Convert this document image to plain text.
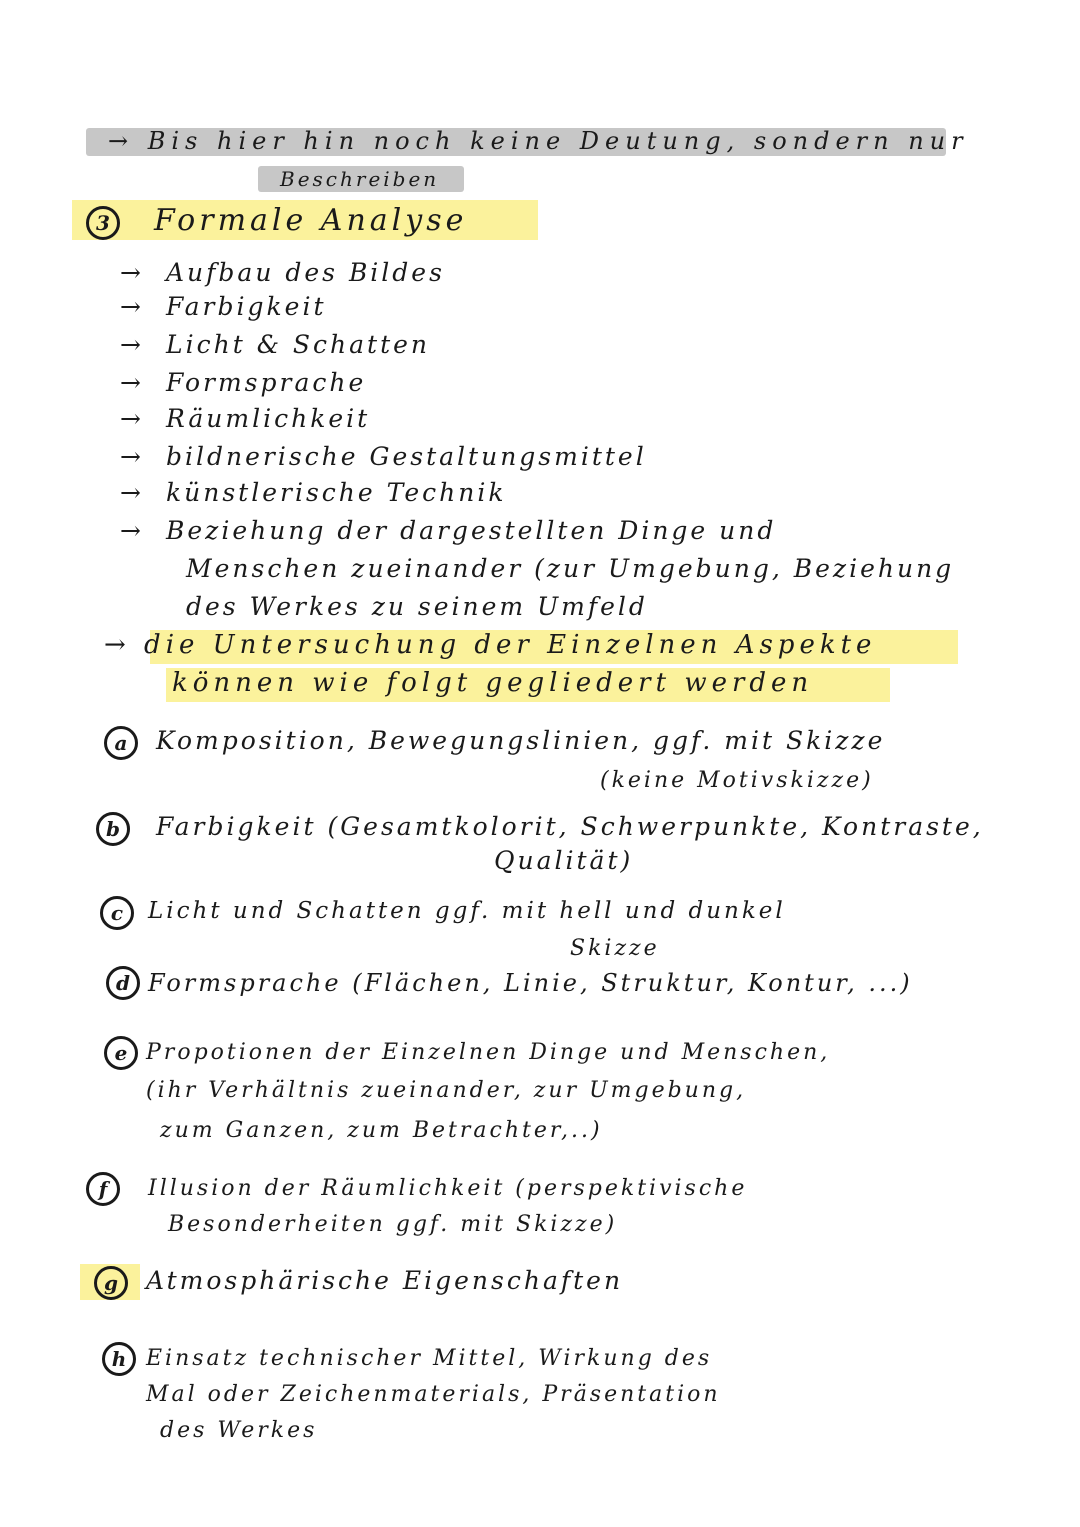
→ Bis hier hin noch keine Deutung, sondern nur
Beschreiben
3	Formale Analyse
→ Aufbau des Bildes
→ Farbigkeit
→ Licht & Schatten
→ Formsprache
→ Räumlichkeit
→ bildnerische Gestaltungsmittel
→ künstlerische Technik
→ Beziehung der dargestellten Dinge und
Menschen zueinander (zur Umgebung, Beziehung
des Werkes zu seinem Umfeld
→ die Untersuchung der Einzelnen Aspekte
können wie folgt gegliedert werden
a	Komposition, Bewegungslinien, ggf. mit Skizze
(keine Motivskizze)
b	Farbigkeit (Gesamtkolorit, Schwerpunkte, Kontraste,
Qualität)
c	Licht und Schatten ggf. mit hell und dunkel
Skizze
d Formsprache (Flächen, Linie, Struktur, Kontur, ...)
e Propotionen der Einzelnen Dinge und Menschen,
(ihr Verhältnis zueinander, zur Umgebung,
zum Ganzen, zum Betrachter,..)
f	Illusion der Räumlichkeit (perspektivische
Besonderheiten ggf. mit Skizze)
g	Atmosphärische Eigenschaften
h Einsatz technischer Mittel, Wirkung des
Mal oder Zeichenmaterials, Präsentation
des Werkes
